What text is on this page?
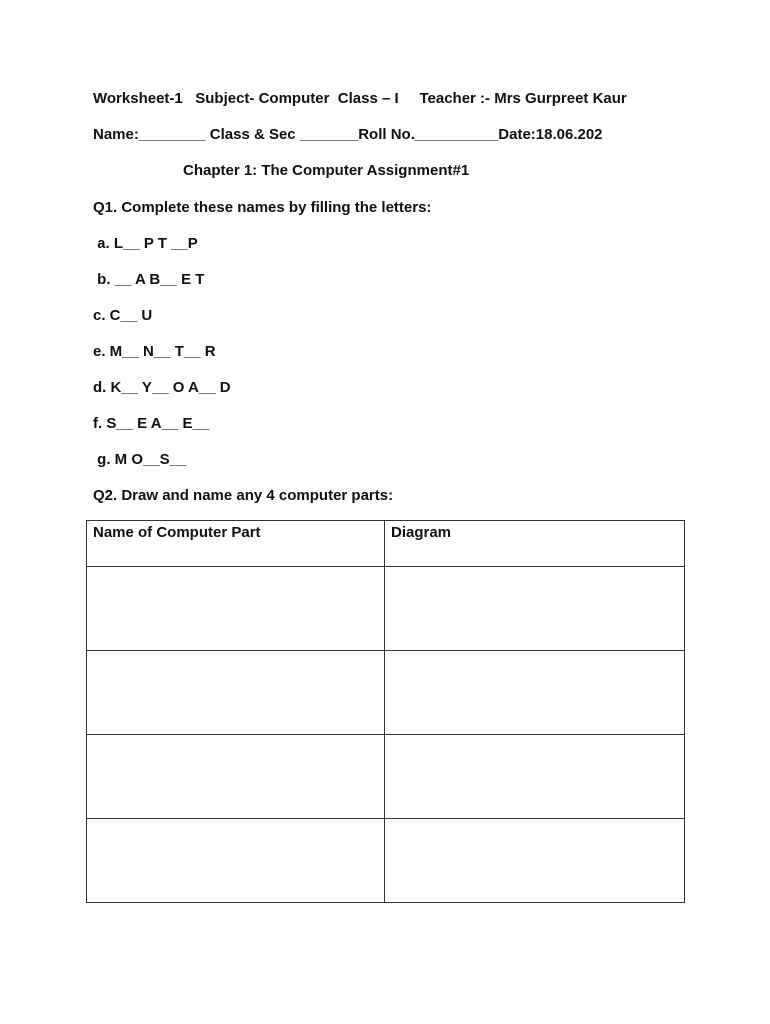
Worksheet-1   Subject- Computer  Class – I     Teacher :- Mrs Gurpreet Kaur
Name:________ Class & Sec _______Roll No.__________Date:18.06.202
Chapter 1: The Computer Assignment#1
Q1. Complete these names by filling the letters:
a. L__ P T __P
b. __ A B__ E T
c. C__ U
e. M__ N__ T__ R
d. K__ Y__ O A__ D
f. S__ E A__ E__
g. M O__S__
Q2. Draw and name any 4 computer parts:
Name of Computer Part	Diagram
